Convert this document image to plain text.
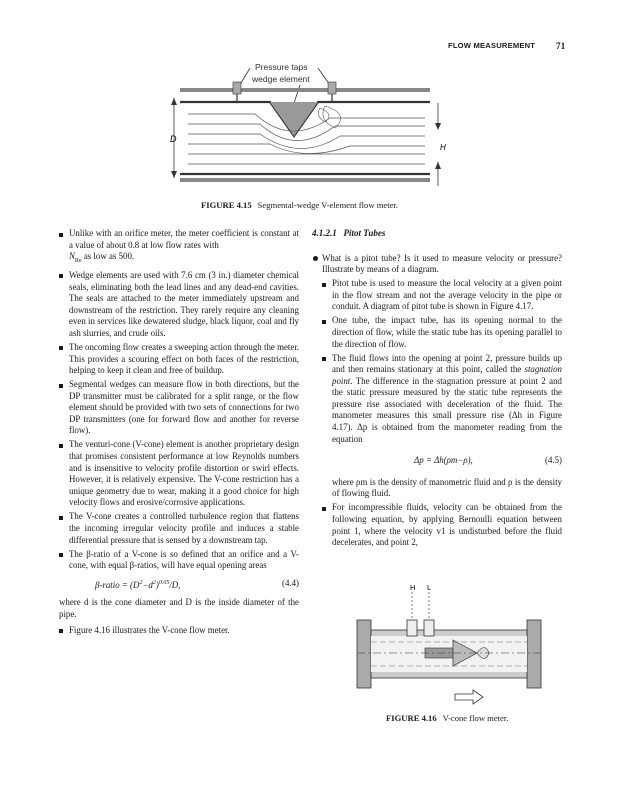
FLOW MEASUREMENT 71
Pressure taps
wedge element
D
H
FIGURE 4.15 Segmental-wedge V-element flow meter.
Unlike with an orifice meter, the meter coefficient is constant at a value of about 0.8 at low flow rates with
$N_{Re}$ as low as 500.
Wedge elements are used with 7.6 cm (3 in.) diameter chemical seals, eliminating both the lead lines and any dead-end cavities. The seals are attached to the meter immediately upstream and downstream of the restriction. They rarely require any cleaning even in services like dewatered sludge, black liquor, coal and fly ash slurries, and crude oils.
The oncoming flow creates a sweeping action through the meter. This provides a scouring effect on both faces of the restriction, helping to keep it clean and free of buildup.
Segmental wedges can measure flow in both directions, but the DP transmitter must be calibrated for a split range, or the flow element should be provided with two sets of connections for two DP transmitters (one for forward flow and another for reverse flow).
The venturi-cone (V-cone) element is another proprietary design that promises consistent performance at low Reynolds numbers and is insensitive to velocity profile distortion or swirl effects. However, it is relatively expensive. The V-cone restriction has a unique geometry due to wear, making it a good choice for high velocity flows and erosive/corrosive applications.
The V-cone creates a controlled turbulence region that flattens the incoming irregular velocity profile and induces a stable differential pressure that is sensed by a downstream tap.
The β-ratio of a V-cone is so defined that an orifice and a V-cone, with equal β-ratios, will have equal opening areas
β-ratio = $(D^2-d^2)^{0.05}/D$,	(4.4)
where d is the cone diameter and D is the inside diameter of the pipe.
Figure 4.16 illustrates the V-cone flow meter.
4.1.2.1 Pitot Tubes
What is a pitot tube? Is it used to measure velocity or pressure? Illustrate by means of a diagram.
Pitot tube is used to measure the local velocity at a given point in the flow stream and not the average velocity in the pipe or conduit. A diagram of pitot tube is shown in Figure 4.17.
One tube, the impact tube, has its opening normal to the direction of flow, while the static tube has its opening parallel to the direction of flow.
The fluid flows into the opening at point 2, pressure builds up and then remains stationary at this point, called the stagnation point. The difference in the stagnation pressure at point 2 and the static pressure measured by the static tube represents the pressure rise associated with deceleration of the fluid. The manometer measures this small pressure rise (Δh in Figure 4.17). Δp is obtained from the manometer reading from the equation
Δp = Δh(ρm−ρ),	(4.5)
where ρm is the density of manometric fluid and ρ is the density of flowing fluid.
For incompressible fluids, velocity can be obtained from the following equation, by applying Bernoulli equation between point 1, where the velocity v1 is undisturbed before the fluid decelerates, and point 2,
H L
FIGURE 4.16 V-cone flow meter.
